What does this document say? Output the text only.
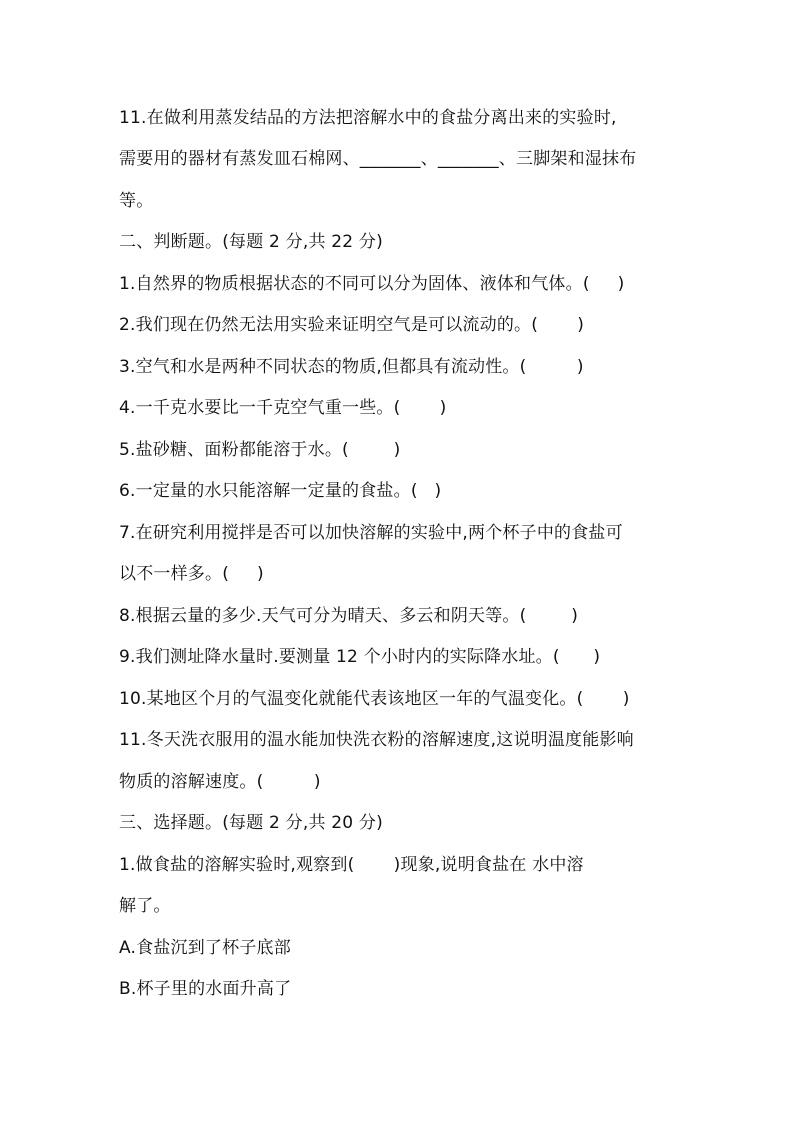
11.在做利用蒸发结品的方法把溶解水中的食盐分离出来的实验时,
需要用的器材有蒸发皿石棉网、_______、_______、三脚架和湿抹布
等。
二、判断题。(每题 2 分,共 22 分)
1.自然界的物质根据状态的不同可以分为固体、液体和气体。(     )
2.我们现在仍然无法用实验来证明空气是可以流动的。(       )
3.空气和水是两种不同状态的物质,但都具有流动性。(         )
4.一千克水要比一千克空气重一些。(       )
5.盐砂糖、面粉都能溶于水。(        )
6.一定量的水只能溶解一定量的食盐。(   )
7.在研究利用搅拌是否可以加快溶解的实验中,两个杯子中的食盐可
以不一样多。(     )
8.根据云量的多少.天气可分为晴天、多云和阴天等。(        )
9.我们测址降水量时.要测量 12 个小时内的实际降水址。(      )
10.某地区个月的气温变化就能代表该地区一年的气温变化。(       )
11.冬天洗衣服用的温水能加快洗衣粉的溶解速度,这说明温度能影响
物质的溶解速度。(         )
三、选择题。(每题 2 分,共 20 分)
1.做食盐的溶解实验时,观察到(       )现象,说明食盐在 水中溶
解了。
A.食盐沉到了杯子底部
B.杯子里的水面升高了
